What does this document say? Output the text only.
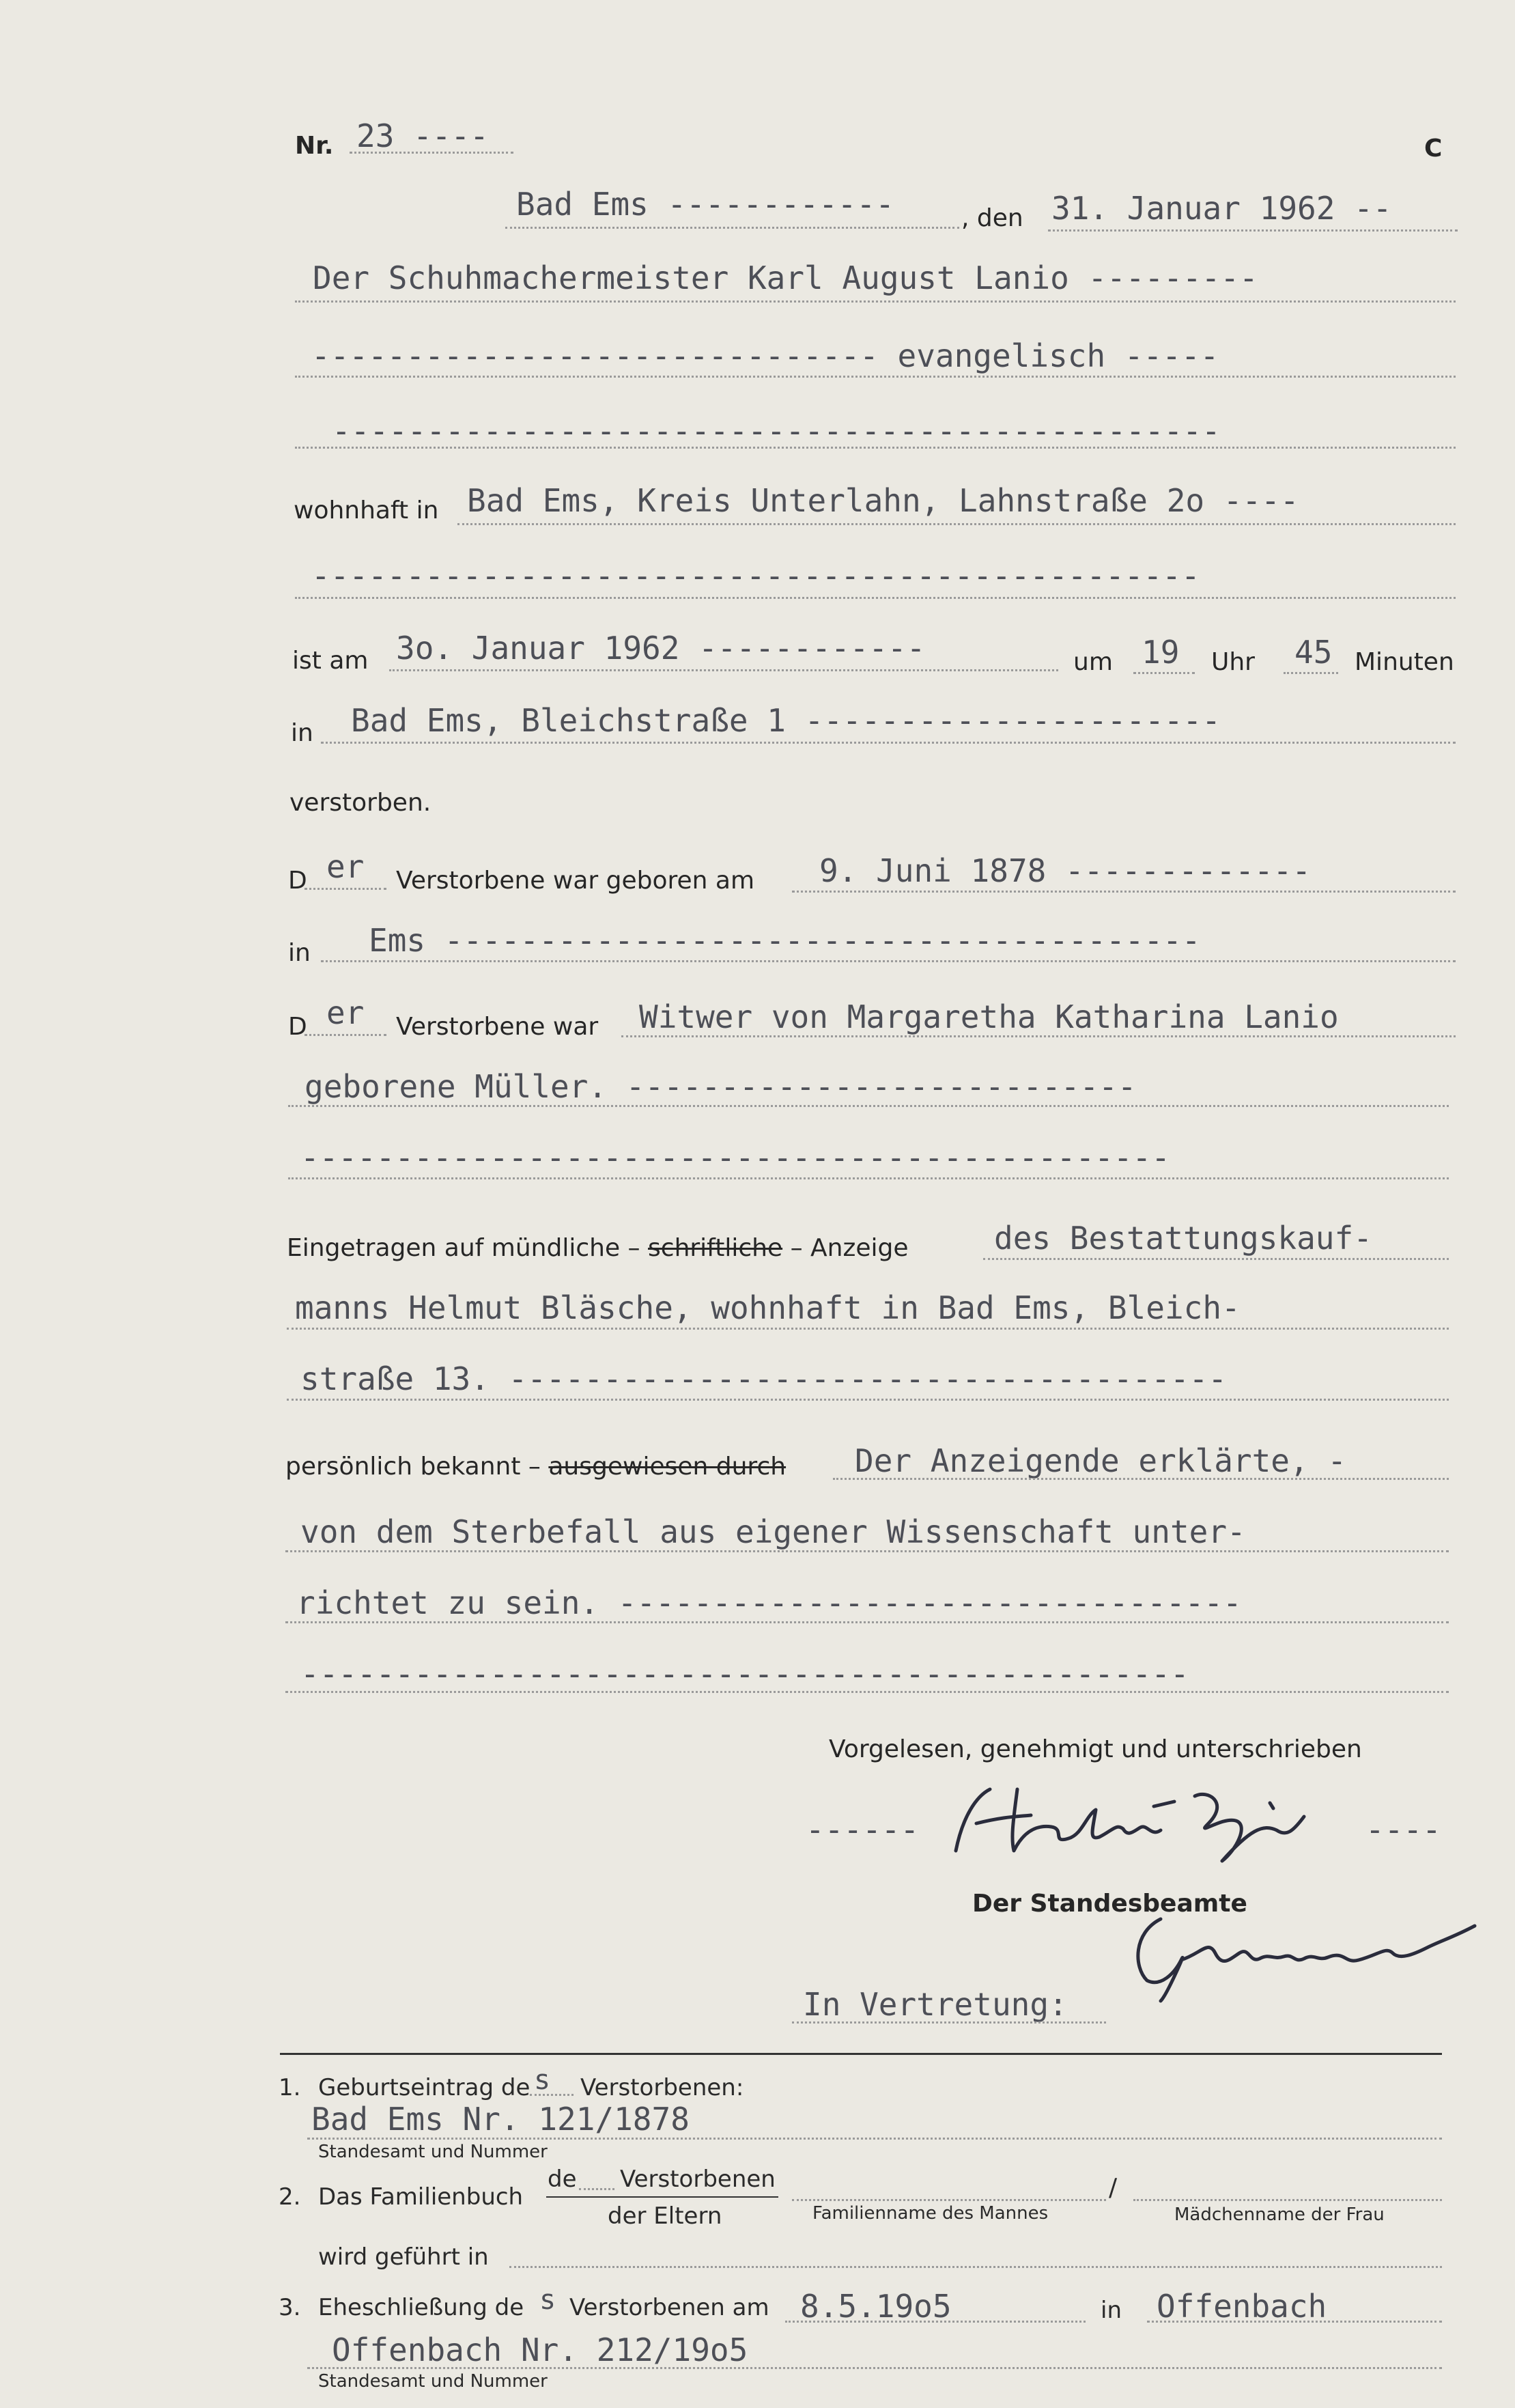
Nr. 23 ----	C
Bad Ems ------------	, den 31. Januar 1962 --
Der Schuhmachermeister Karl August Lanio ---------
------------------------------ evangelisch -----
-----------------------------------------------
wohnhaft in Bad Ems, Kreis Unterlahn, Lahnstraße 2o ----
-----------------------------------------------
ist am 3o. Januar 1962 ------------	um 19 Uhr 45 Minuten
in Bad Ems, Bleichstraße 1 ----------------------
verstorben.
D er Verstorbene war geboren am 9. Juni 1878 -------------
in Ems ----------------------------------------
D er Verstorbene war Witwer von Margaretha Katharina Lanio
geborene Müller. ---------------------------
----------------------------------------------
Eingetragen auf mündliche – schriftliche – Anzeige	des Bestattungskauf-
manns Helmut Bläsche, wohnhaft in Bad Ems, Bleich-
straße 13. --------------------------------------
persönlich bekannt – ausgewiesen durch Der Anzeigende erklärte, -
von dem Sterbefall aus eigener Wissenschaft unter-
richtet zu sein. ---------------------------------
-----------------------------------------------
Vorgelesen, genehmigt und unterschrieben
------	----
Der Standesbeamte
In Vertretung:
1. Geburtseintrag de s Verstorbenen:
Bad Ems Nr. 121/1878
Standesamt und Nummer
2. Das Familienbuch
de Verstorbenen
der Eltern	Familienname des Mannes
/
Mädchenname der Frau
wird geführt in
3. Eheschließung de s Verstorbenen am 8.5.19o5	in Offenbach
Offenbach Nr. 212/19o5
Standesamt und Nummer
